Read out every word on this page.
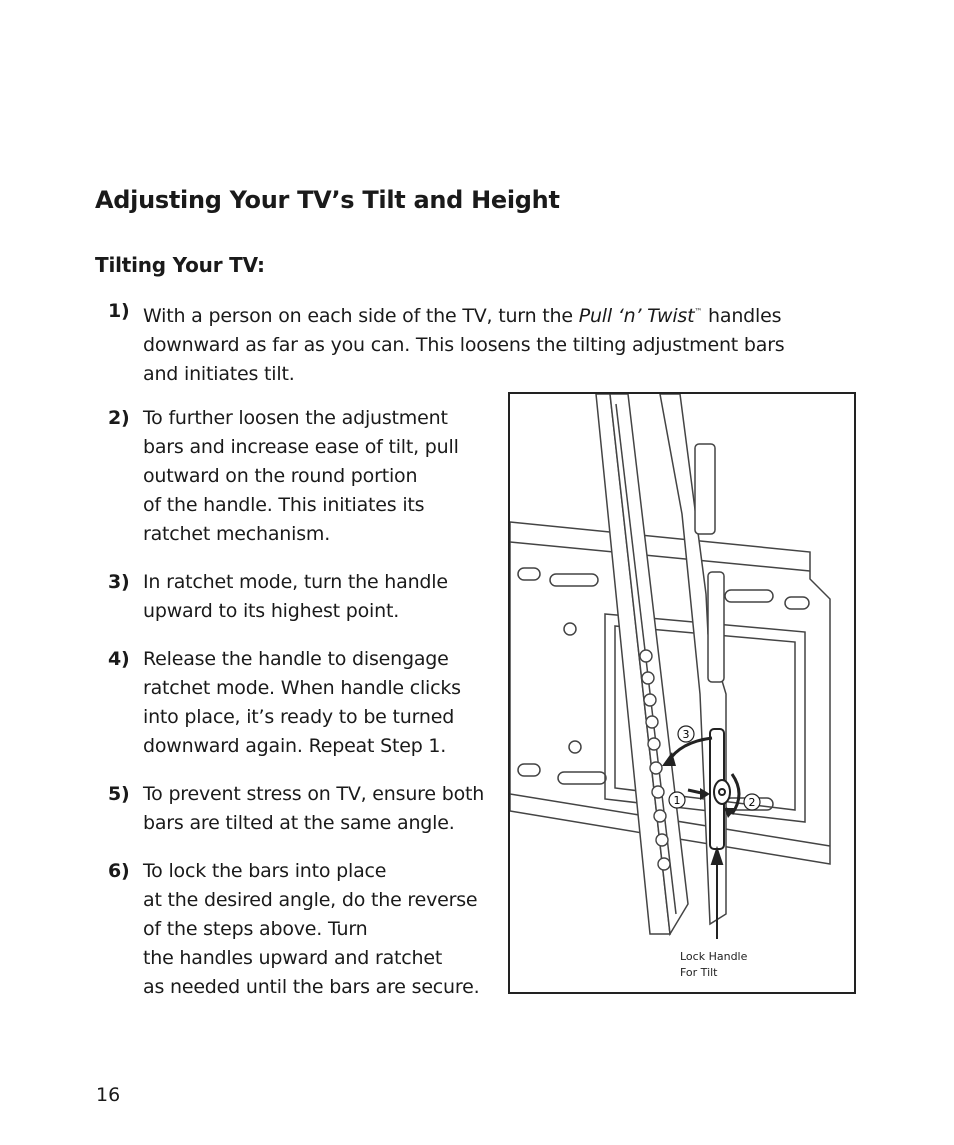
Adjusting Your TV’s Tilt and Height
Tilting Your TV:
1) With a person on each side of the TV, turn the Pull ‘n’ Twist™ handles
downward as far as you can. This loosens the tilting adjustment bars
and initiates tilt.
2) To further loosen the adjustment
bars and increase ease of tilt, pull
outward on the round portion
of the handle. This initiates its
ratchet mechanism.
3) In ratchet mode, turn the handle
upward to its highest point.
4) Release the handle to disengage
ratchet mode. When handle clicks
into place, it’s ready to be turned
downward again. Repeat Step 1.
5) To prevent stress on TV, ensure both
bars are tilted at the same angle.
6) To lock the bars into place
at the desired angle, do the reverse
of the steps above. Turn
the handles upward and ratchet
as needed until the bars are secure.
3
1	2
Lock Handle
For Tilt
16
